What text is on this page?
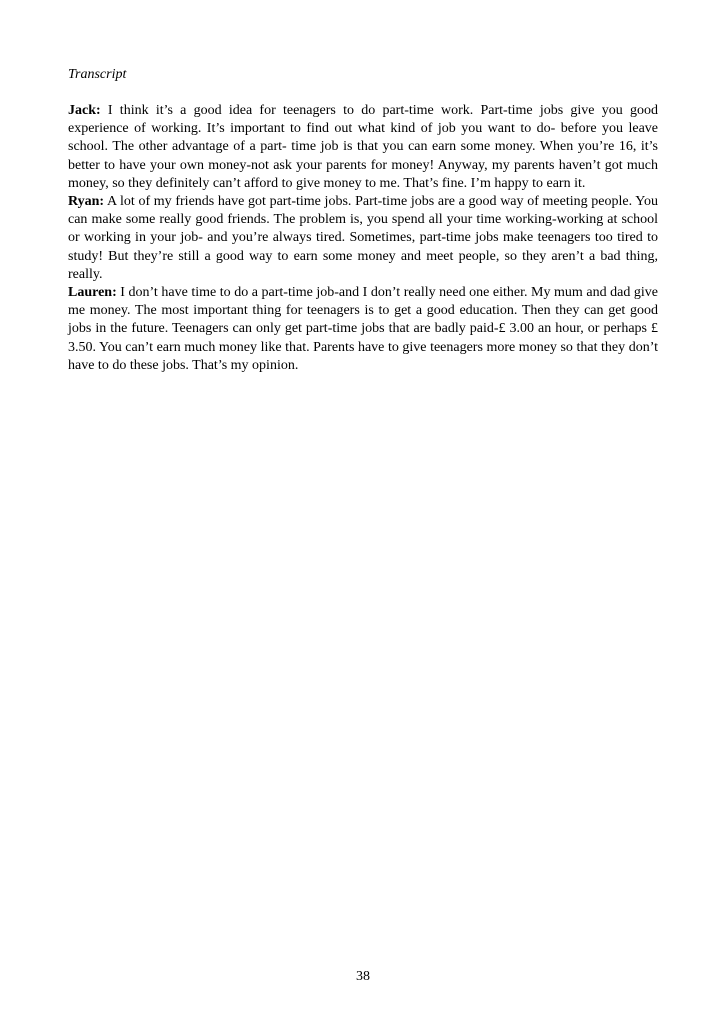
Transcript

Jack: I think it’s a good idea for teenagers to do part-time work. Part-time jobs give you good experience of working. It’s important to find out what kind of job you want to do- before you leave school. The other advantage of a part- time job is that you can earn some money. When you’re 16, it’s better to have your own money-not ask your parents for money! Anyway, my parents haven’t got much money, so they definitely can’t afford to give money to me. That’s fine. I’m happy to earn it.

Ryan: A lot of my friends have got part-time jobs. Part-time jobs are a good way of meeting people. You can make some really good friends. The problem is, you spend all your time working-working at school or working in your job- and you’re always tired. Sometimes, part-time jobs make teenagers too tired to study! But they’re still a good way to earn some money and meet people, so they aren’t a bad thing, really.

Lauren: I don’t have time to do a part-time job-and I don’t really need one either. My mum and dad give me money. The most important thing for teenagers is to get a good education. Then they can get good jobs in the future. Teenagers can only get part-time jobs that are badly paid-£ 3.00 an hour, or perhaps £ 3.50. You can’t earn much money like that. Parents have to give teenagers more money so that they don’t have to do these jobs. That’s my opinion.

38
